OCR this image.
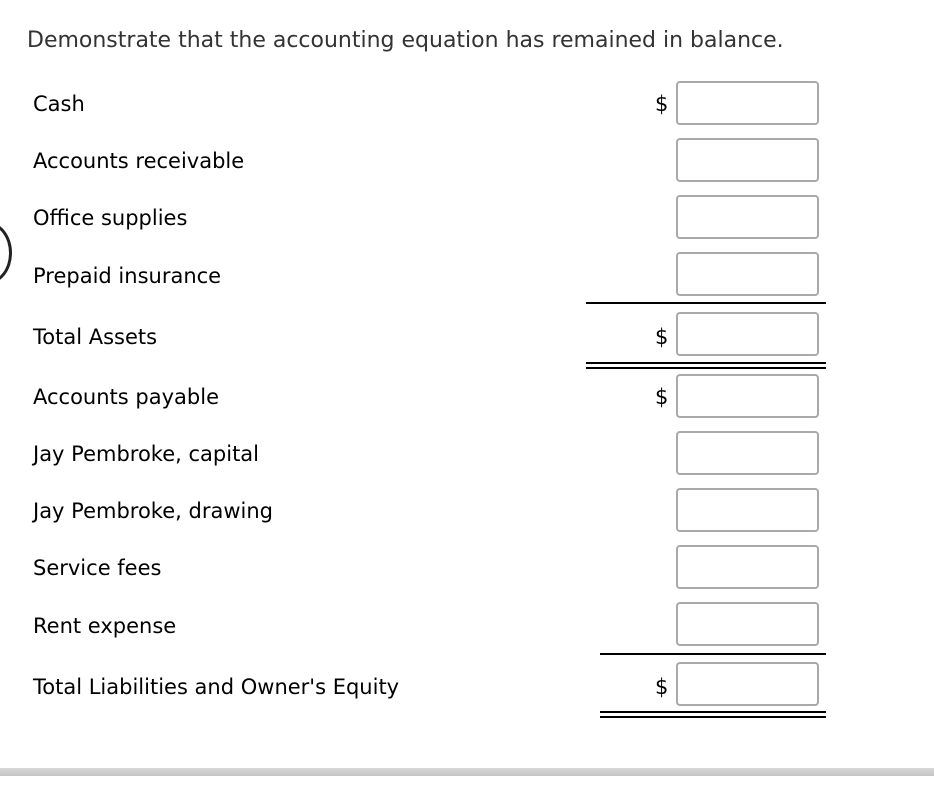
Demonstrate that the accounting equation has remained in balance.
Cash	$
Accounts receivable
Office supplies
Prepaid insurance
Total Assets	$
Accounts payable	$
Jay Pembroke, capital
Jay Pembroke, drawing
Service fees
Rent expense
Total Liabilities and Owner's Equity	$
